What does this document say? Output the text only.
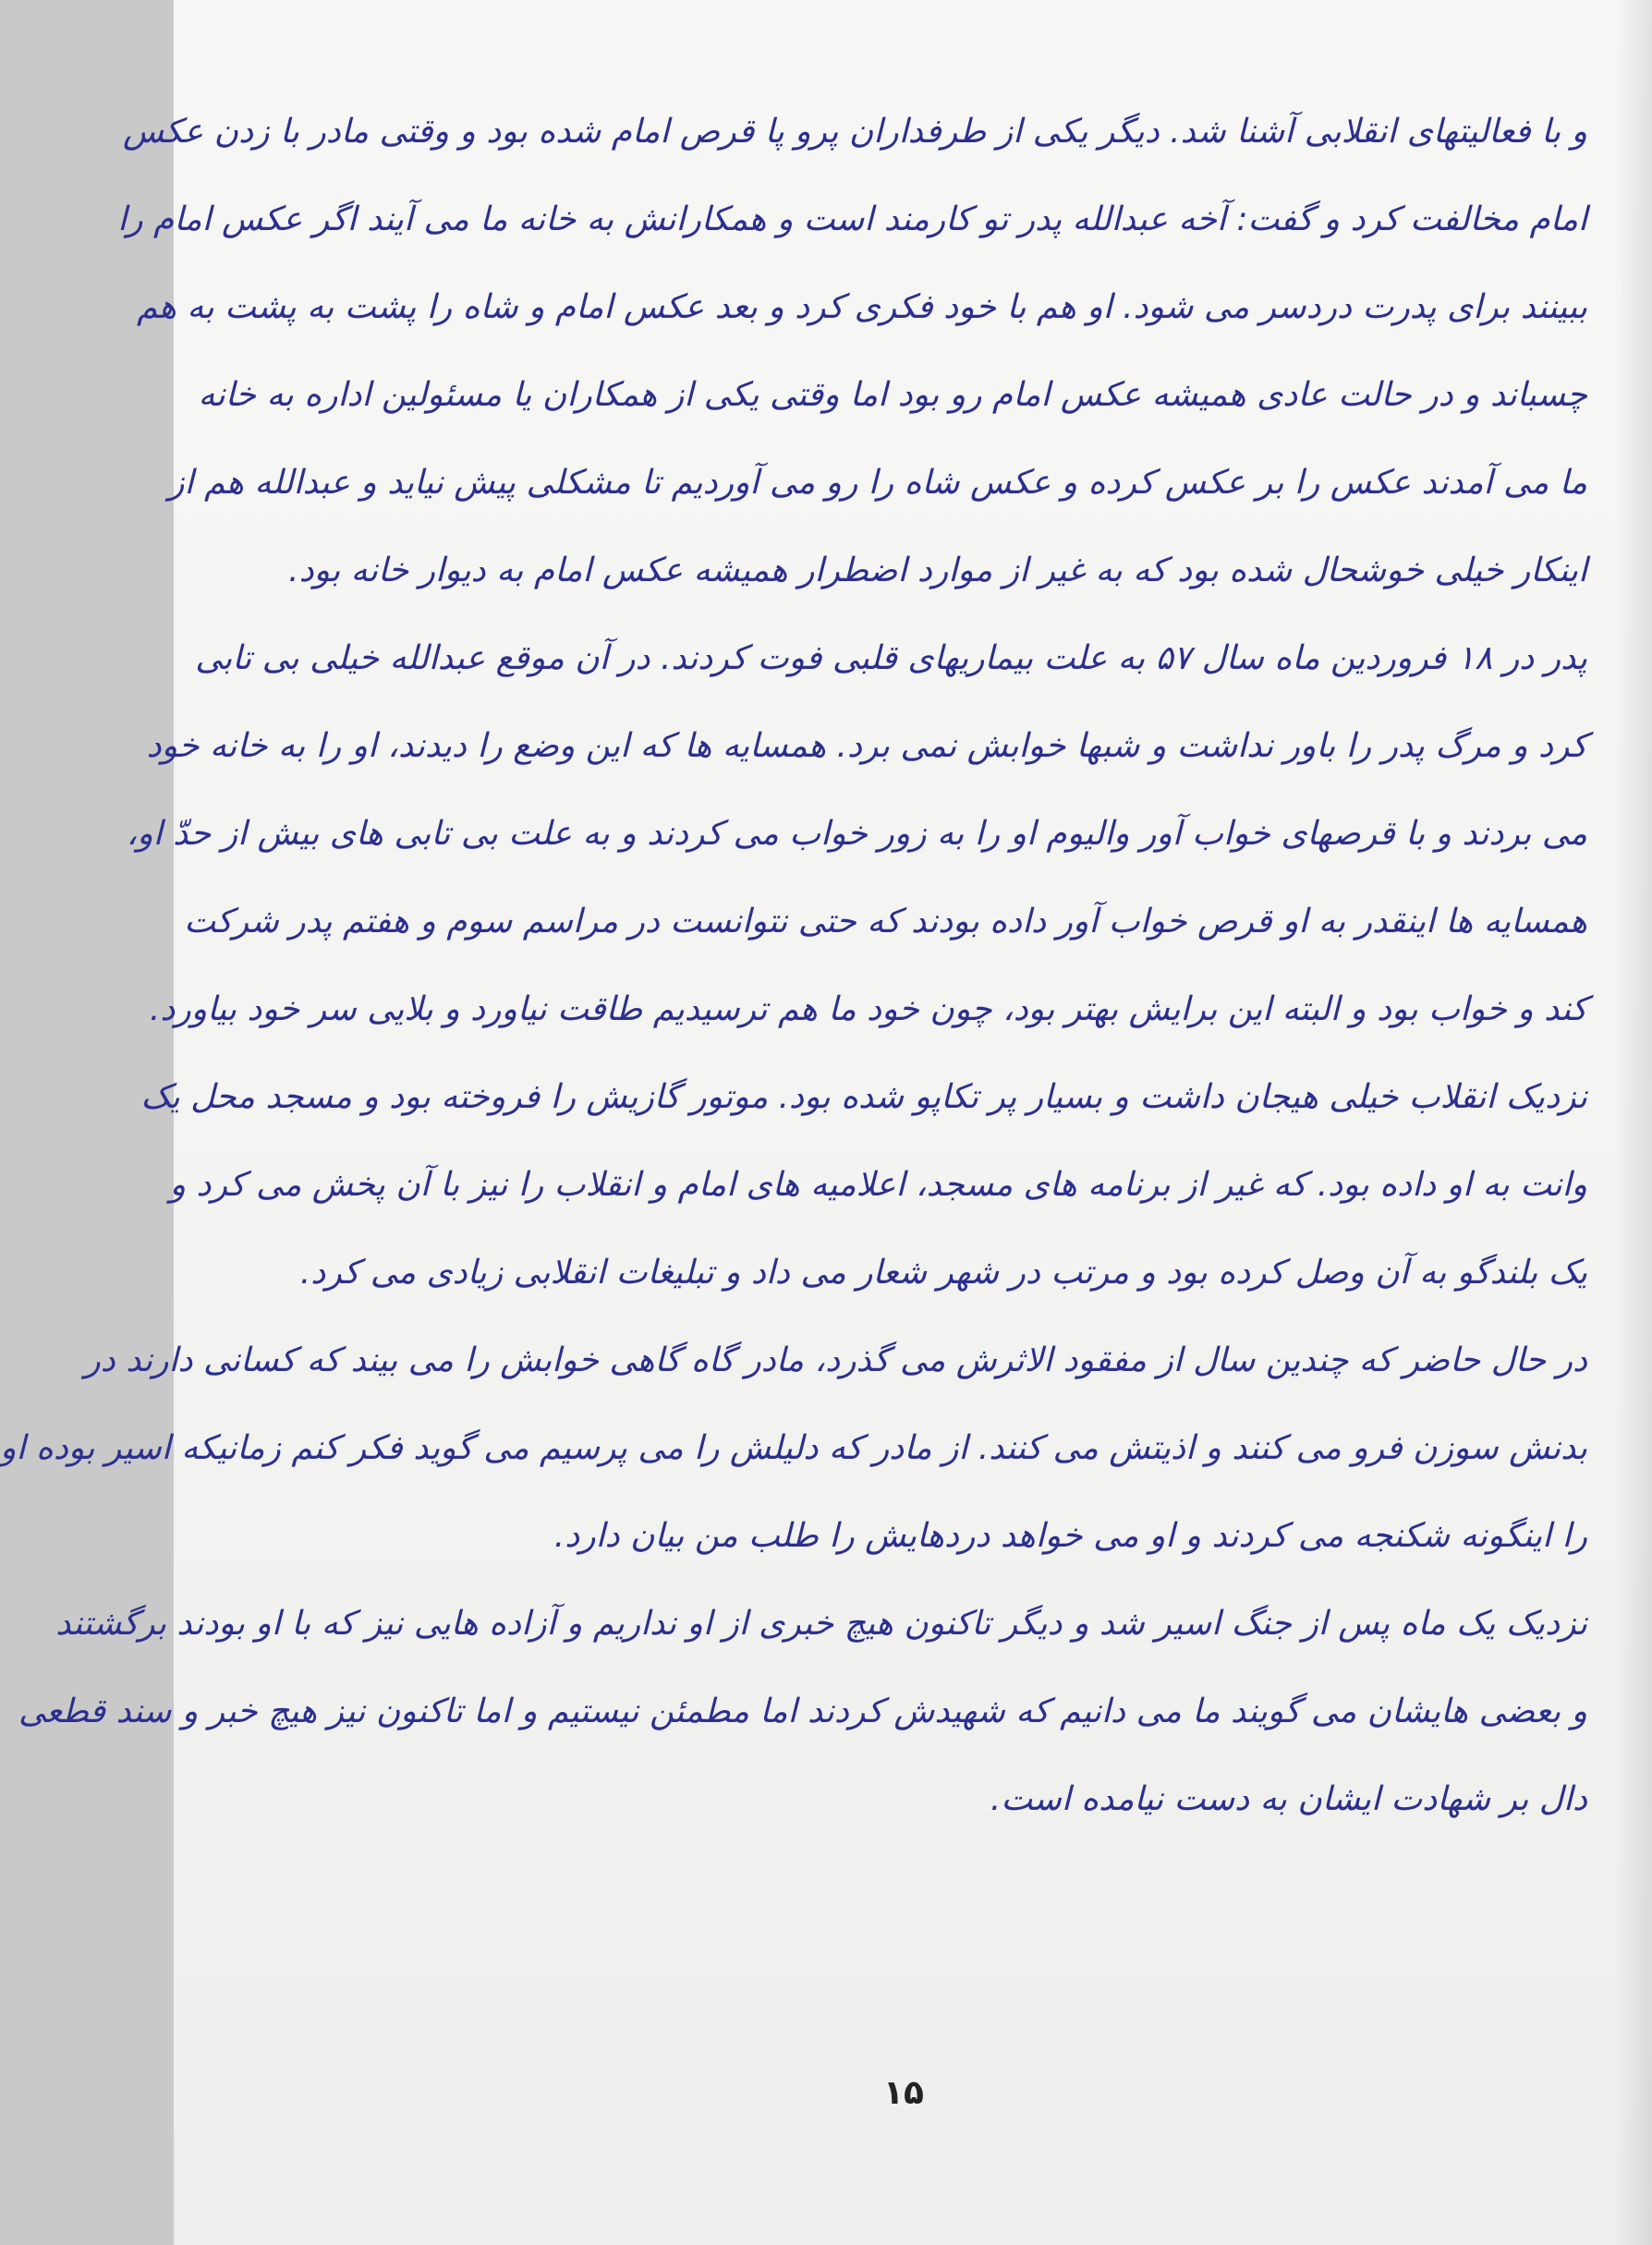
و با فعالیتهای انقلابی آشنا شد. دیگر یکی از طرفداران پرو پا قرص امام شده بود و وقتی مادر با زدن عکس
امام مخالفت کرد و گفت: آخه عبدالله پدر تو کارمند است و همکارانش به خانه ما می آیند اگر عکس امام را
ببینند برای پدرت دردسر می شود. او هم با خود فکری کرد و بعد عکس امام و شاه را پشت به پشت به هم
چسباند و در حالت عادی همیشه عکس امام رو بود اما وقتی یکی از همکاران یا مسئولین اداره به خانه
ما می آمدند عکس را بر عکس کرده و عکس شاه را رو می آوردیم تا مشکلی پیش نیاید و عبدالله هم از
اینکار خیلی خوشحال شده بود که به غیر از موارد اضطرار همیشه عکس امام به دیوار خانه بود.
پدر در ۱۸ فروردین ماه سال ۵۷ به علت بیماریهای قلبی فوت کردند. در آن موقع عبدالله خیلی بی تابی
کرد و مرگ پدر را باور نداشت و شبها خوابش نمی برد. همسایه ها که این وضع را دیدند، او را به خانه خود
می بردند و با قرصهای خواب آور والیوم او را به زور خواب می کردند و به علت بی تابی های بیش از حدّ او،
همسایه ها اینقدر به او قرص خواب آور داده بودند که حتی نتوانست در مراسم سوم و هفتم پدر شرکت
کند و خواب بود و البته این برایش بهتر بود، چون خود ما هم ترسیدیم طاقت نیاورد و بلایی سر خود بیاورد.
نزدیک انقلاب خیلی هیجان داشت و بسیار پر تکاپو شده بود. موتور گازیش را فروخته بود و مسجد محل یک
وانت به او داده بود. که غیر از برنامه های مسجد، اعلامیه های امام و انقلاب را نیز با آن پخش می کرد و
یک بلندگو به آن وصل کرده بود و مرتب در شهر شعار می داد و تبلیغات انقلابی زیادی می کرد.
در حال حاضر که چندین سال از مفقود الاثرش می گذرد، مادر گاه گاهی خوابش را می بیند که کسانی دارند در
بدنش سوزن فرو می کنند و اذیتش می کنند. از مادر که دلیلش را می پرسیم می گوید فکر کنم زمانیکه اسیر بوده او
را اینگونه شکنجه می کردند و او می خواهد دردهایش را طلب من بیان دارد.
نزدیک یک ماه پس از جنگ اسیر شد و دیگر تاکنون هیچ خبری از او نداریم و آزاده هایی نیز که با او بودند برگشتند
و بعضی هایشان می گویند ما می دانیم که شهیدش کردند اما مطمئن نیستیم و اما تاکنون نیز هیچ خبر و سند قطعی
دال بر شهادت ایشان به دست نیامده است.
۱۵
